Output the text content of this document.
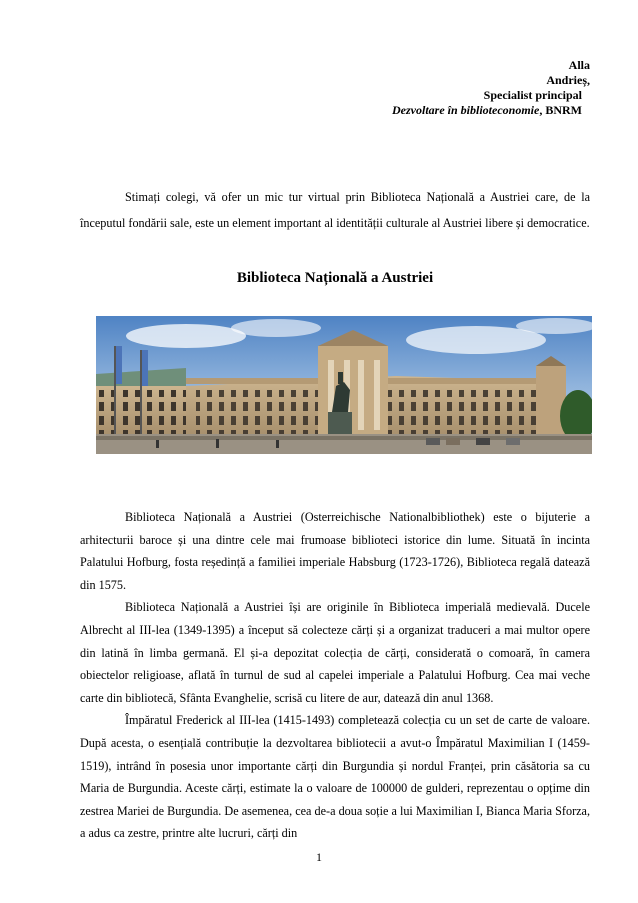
Alla
Andrieș,
Specialist principal
Dezvoltare în biblioteconomie, BNRM

Stimați colegi, vă ofer un mic tur virtual prin Biblioteca Națională a Austriei care, de la începutul fondării sale, este un element important al identității culturale al Austriei libere și democratice.

Biblioteca Națională a Austriei

Biblioteca Națională a Austriei (Osterreichische Nationalbibliothek) este o bijuterie a arhitecturii baroce și una dintre cele mai frumoase biblioteci istorice din lume. Situată în incinta Palatului Hofburg, fosta reședință a familiei imperiale Habsburg (1723-1726), Biblioteca regală datează din 1575.

Biblioteca Națională a Austriei își are originile în Biblioteca imperială medievală. Ducele Albrecht al III-lea (1349-1395) a început să colecteze cărți și a organizat traduceri a mai multor opere din latină în limba germană. El și-a depozitat colecția de cărți, considerată o comoară, în camera obiectelor religioase, aflată în turnul de sud al capelei imperiale a Palatului Hofburg. Cea mai veche carte din bibliotecă, Sfânta Evanghelie, scrisă cu litere de aur, datează din anul 1368.

Împăratul Frederick al III-lea (1415-1493) completează colecția cu un set de carte de valoare. După acesta, o esențială contribuție la dezvoltarea bibliotecii a avut-o Împăratul Maximilian I (1459-1519), intrând în posesia unor importante cărți din Burgundia și nordul Franței, prin căsătoria sa cu Maria de Burgundia. Aceste cărți, estimate la o valoare de 100000 de gulderi, reprezentau o opțime din zestrea Mariei de Burgundia. De asemenea, cea de-a doua soție a lui Maximilian I, Bianca Maria Sforza, a adus ca zestre, printre alte lucruri, cărți din

1
